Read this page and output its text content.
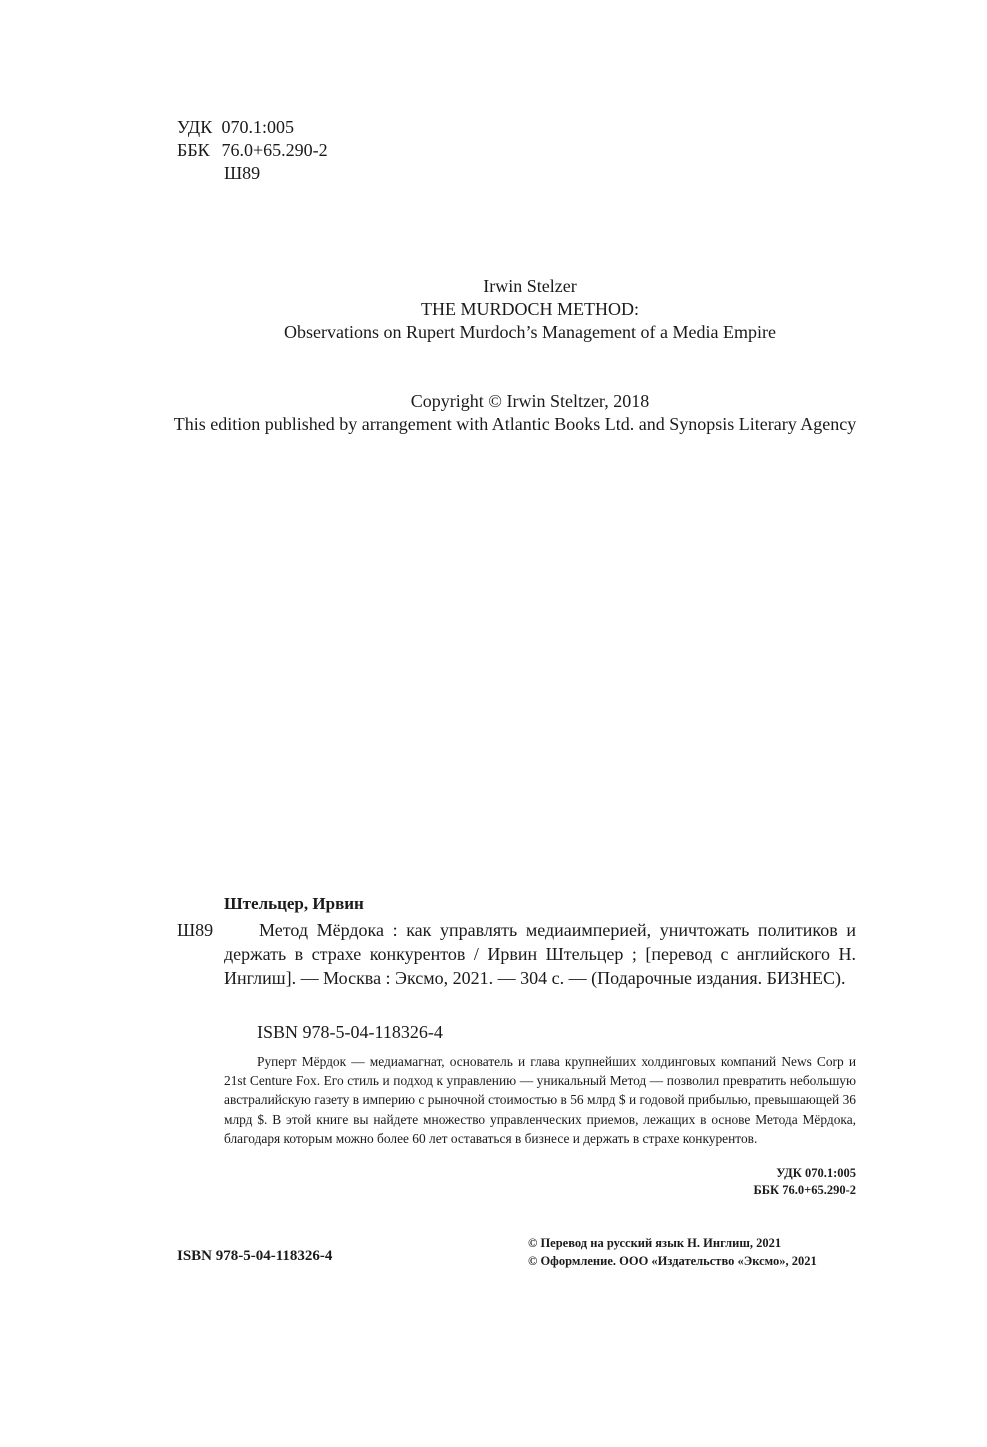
УДК 070.1:005
ББК 76.0+65.290-2
Ш89
Irwin Stelzer
THE MURDOCH METHOD:
Observations on Rupert Murdoch’s Management of a Media Empire
Copyright © Irwin Steltzer, 2018
This edition published by arrangement with Atlantic Books Ltd. and Synopsis Literary Agency
Штельцер, Ирвин
Ш89	Метод Мёрдока : как управлять медиаимперией, уничтожать политиков и держать в страхе конкурентов / Ирвин Штельцер ; [перевод с английского Н. Инглиш]. — Москва : Эксмо, 2021. — 304 с. — (Подарочные издания. БИЗНЕС).
ISBN 978-5-04-118326-4
Руперт Мёрдок — медиамагнат, основатель и глава крупнейших холдинговых компаний News Corp и 21st Centure Fox. Его стиль и подход к управлению — уникальный Метод — позволил превратить небольшую австралийскую газету в империю с рыночной стоимостью в 56 млрд $ и годовой прибылью, превышающей 36 млрд $. В этой книге вы найдете множество управленческих приемов, лежащих в основе Метода Мёрдока, благодаря которым можно более 60 лет оставаться в бизнесе и держать в страхе конкурентов.
УДК 070.1:005
ББК 76.0+65.290-2
ISBN 978-5-04-118326-4
© Перевод на русский язык Н. Инглиш, 2021
© Оформление. ООО «Издательство «Эксмо», 2021
